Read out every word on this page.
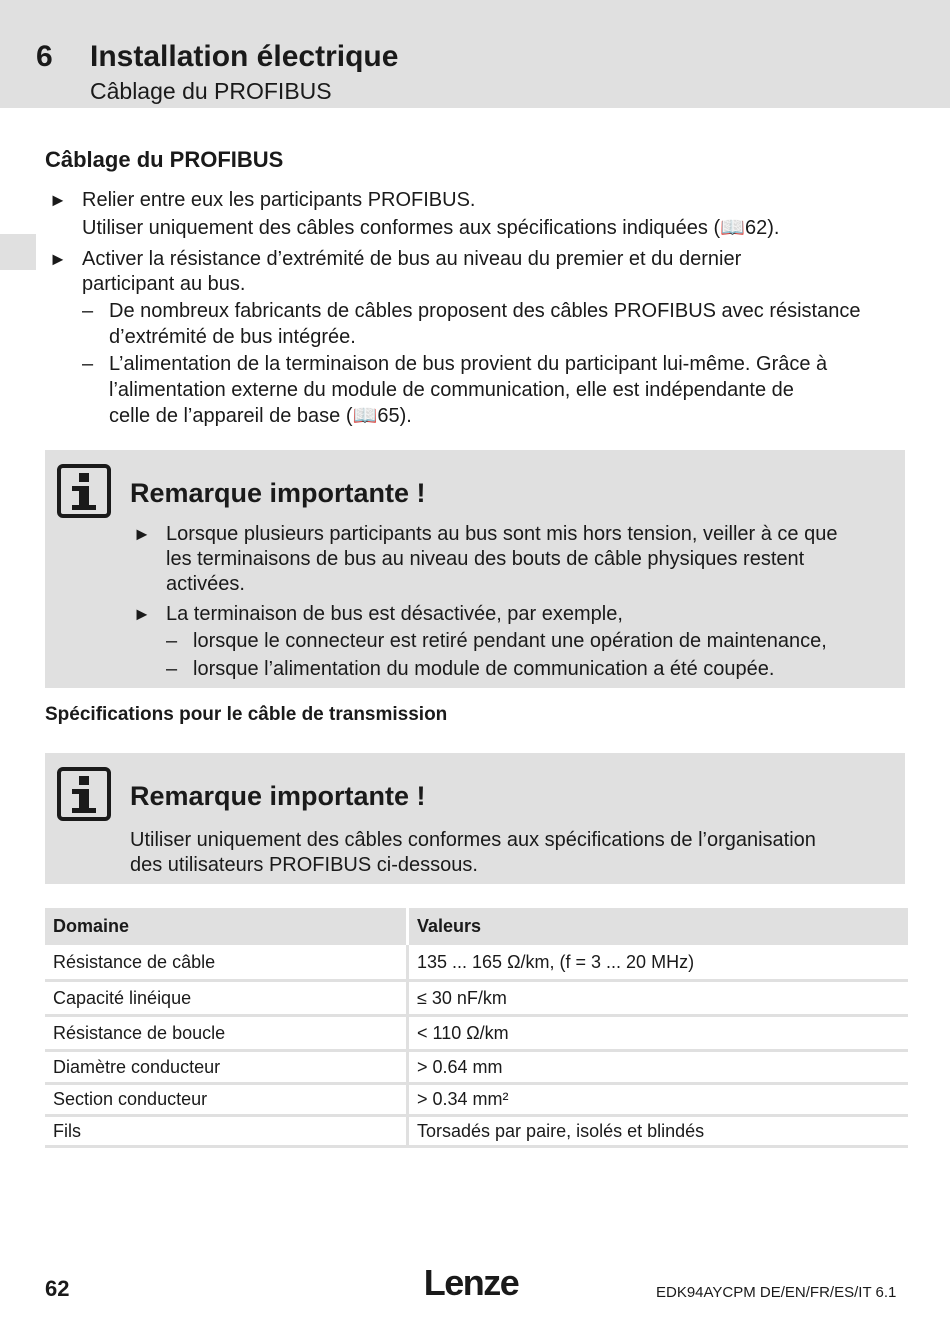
6 Installation électrique
Câblage du PROFIBUS
Câblage du PROFIBUS
► Relier entre eux les participants PROFIBUS.
Utiliser uniquement des câbles conformes aux spécifications indiquées (📖62).
► Activer la résistance d’extrémité de bus au niveau du premier et du dernier
participant au bus.
– De nombreux fabricants de câbles proposent des câbles PROFIBUS avec résistance
d’extrémité de bus intégrée.
– L’alimentation de la terminaison de bus provient du participant lui-même. Grâce à
l’alimentation externe du module de communication, elle est indépendante de
celle de l’appareil de base (📖65).
Remarque importante !
► Lorsque plusieurs participants au bus sont mis hors tension, veiller à ce que
les terminaisons de bus au niveau des bouts de câble physiques restent
activées.
► La terminaison de bus est désactivée, par exemple,
– lorsque le connecteur est retiré pendant une opération de maintenance,
– lorsque l’alimentation du module de communication a été coupée.
Spécifications pour le câble de transmission
Remarque importante !
Utiliser uniquement des câbles conformes aux spécifications de l’organisation
des utilisateurs PROFIBUS ci-dessous.
Domaine	Valeurs
Résistance de câble	135 ... 165 Ω/km, (f = 3 ... 20 MHz)
Capacité linéique	≤ 30 nF/km
Résistance de boucle	< 110 Ω/km
Diamètre conducteur	> 0.64 mm
Section conducteur	> 0.34 mm²
Fils	Torsadés par paire, isolés et blindés
62	Lenze	EDK94AYCPM DE/EN/FR/ES/IT 6.1
